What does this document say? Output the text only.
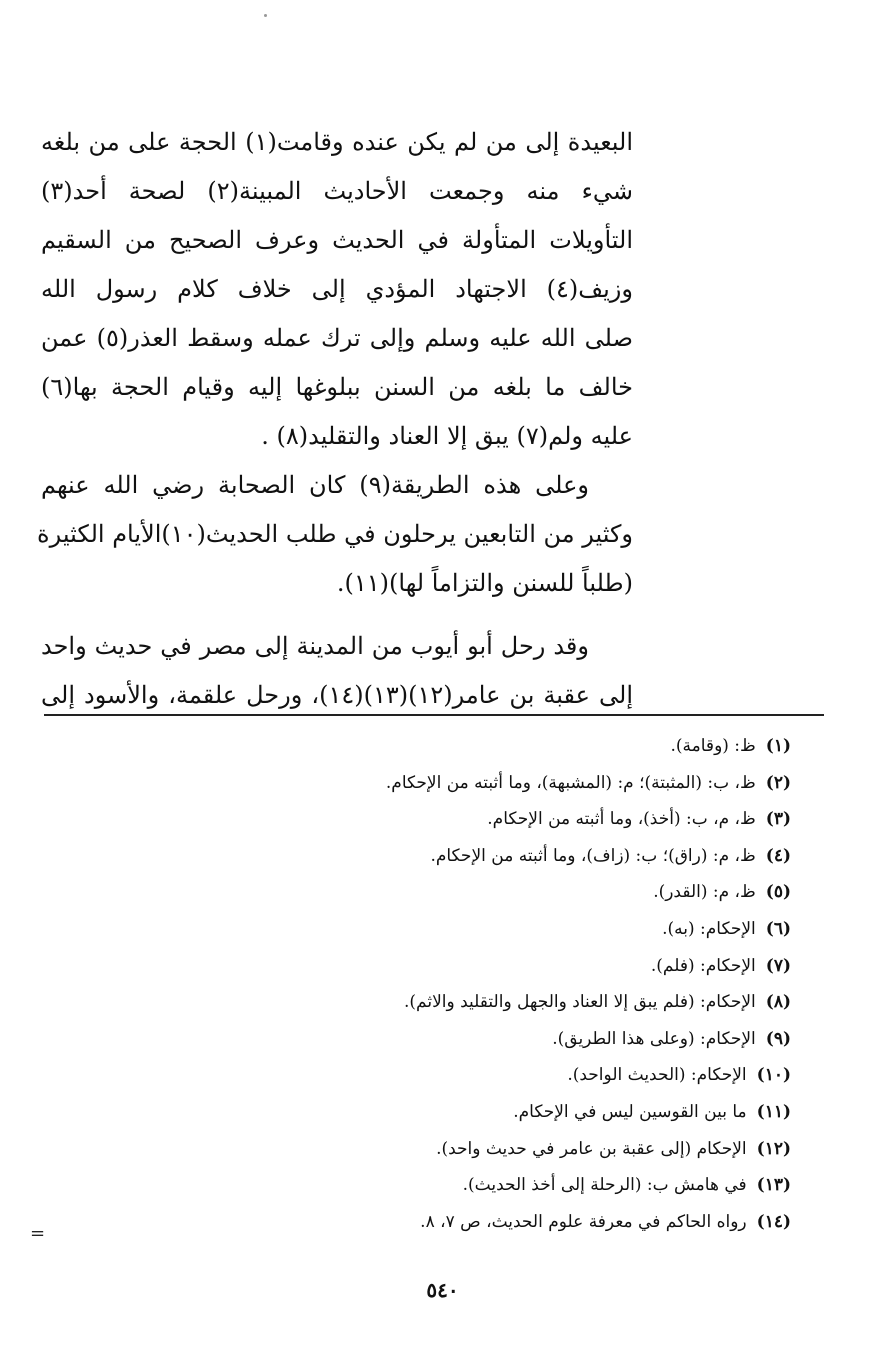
البعيدة إلى من لم يكن عنده وقامت(١) الحجة على من بلغه
شيء منه وجمعت الأحاديث المبينة(٢) لصحة أحد(٣)
التأويلات المتأولة في الحديث وعرف الصحيح من السقيم
وزيف(٤) الاجتهاد المؤدي إلى خلاف كلام رسول الله
صلى الله عليه وسلم وإلى ترك عمله وسقط العذر(٥) عمن
خالف ما بلغه من السنن ببلوغها إليه وقيام الحجة بها(٦)
عليه ولم(٧) يبق إلا العناد والتقليد(٨) .
وعلى هذه الطريقة(٩) كان الصحابة رضي الله عنهم
وكثير من التابعين يرحلون في طلب الحديث(١٠)الأيام الكثيرة
(طلباً للسنن والتزاماً لها)(١١).
وقد رحل أبو أيوب من المدينة إلى مصر في حديث واحد
إلى عقبة بن عامر(١٢)(١٣)(١٤)، ورحل علقمة، والأسود إلى
(١)ظ: (وقامة).
(٢)ظ، ب: (المثبتة)؛ م: (المشبهة)، وما أثبته من الإحكام.
(٣)ظ، م، ب: (أخذ)، وما أثبته من الإحكام.
(٤)ظ، م: (راق)؛ ب: (زاف)، وما أثبته من الإحكام.
(٥)ظ، م: (القدر).
(٦)الإحكام: (به).
(٧)الإحكام: (فلم).
(٨)الإحكام: (فلم يبق إلا العناد والجهل والتقليد والاثم).
(٩)الإحكام: (وعلى هذا الطريق).
(١٠)الإحكام: (الحديث الواحد).
(١١)ما بين القوسين ليس في الإحكام.
(١٢)الإحكام (إلى عقبة بن عامر في حديث واحد).
(١٣)في هامش ب: (الرحلة إلى أخذ الحديث).
(١٤)رواه الحاكم في معرفة علوم الحديث، ص ٧، ٨.
=
٥٤٠
